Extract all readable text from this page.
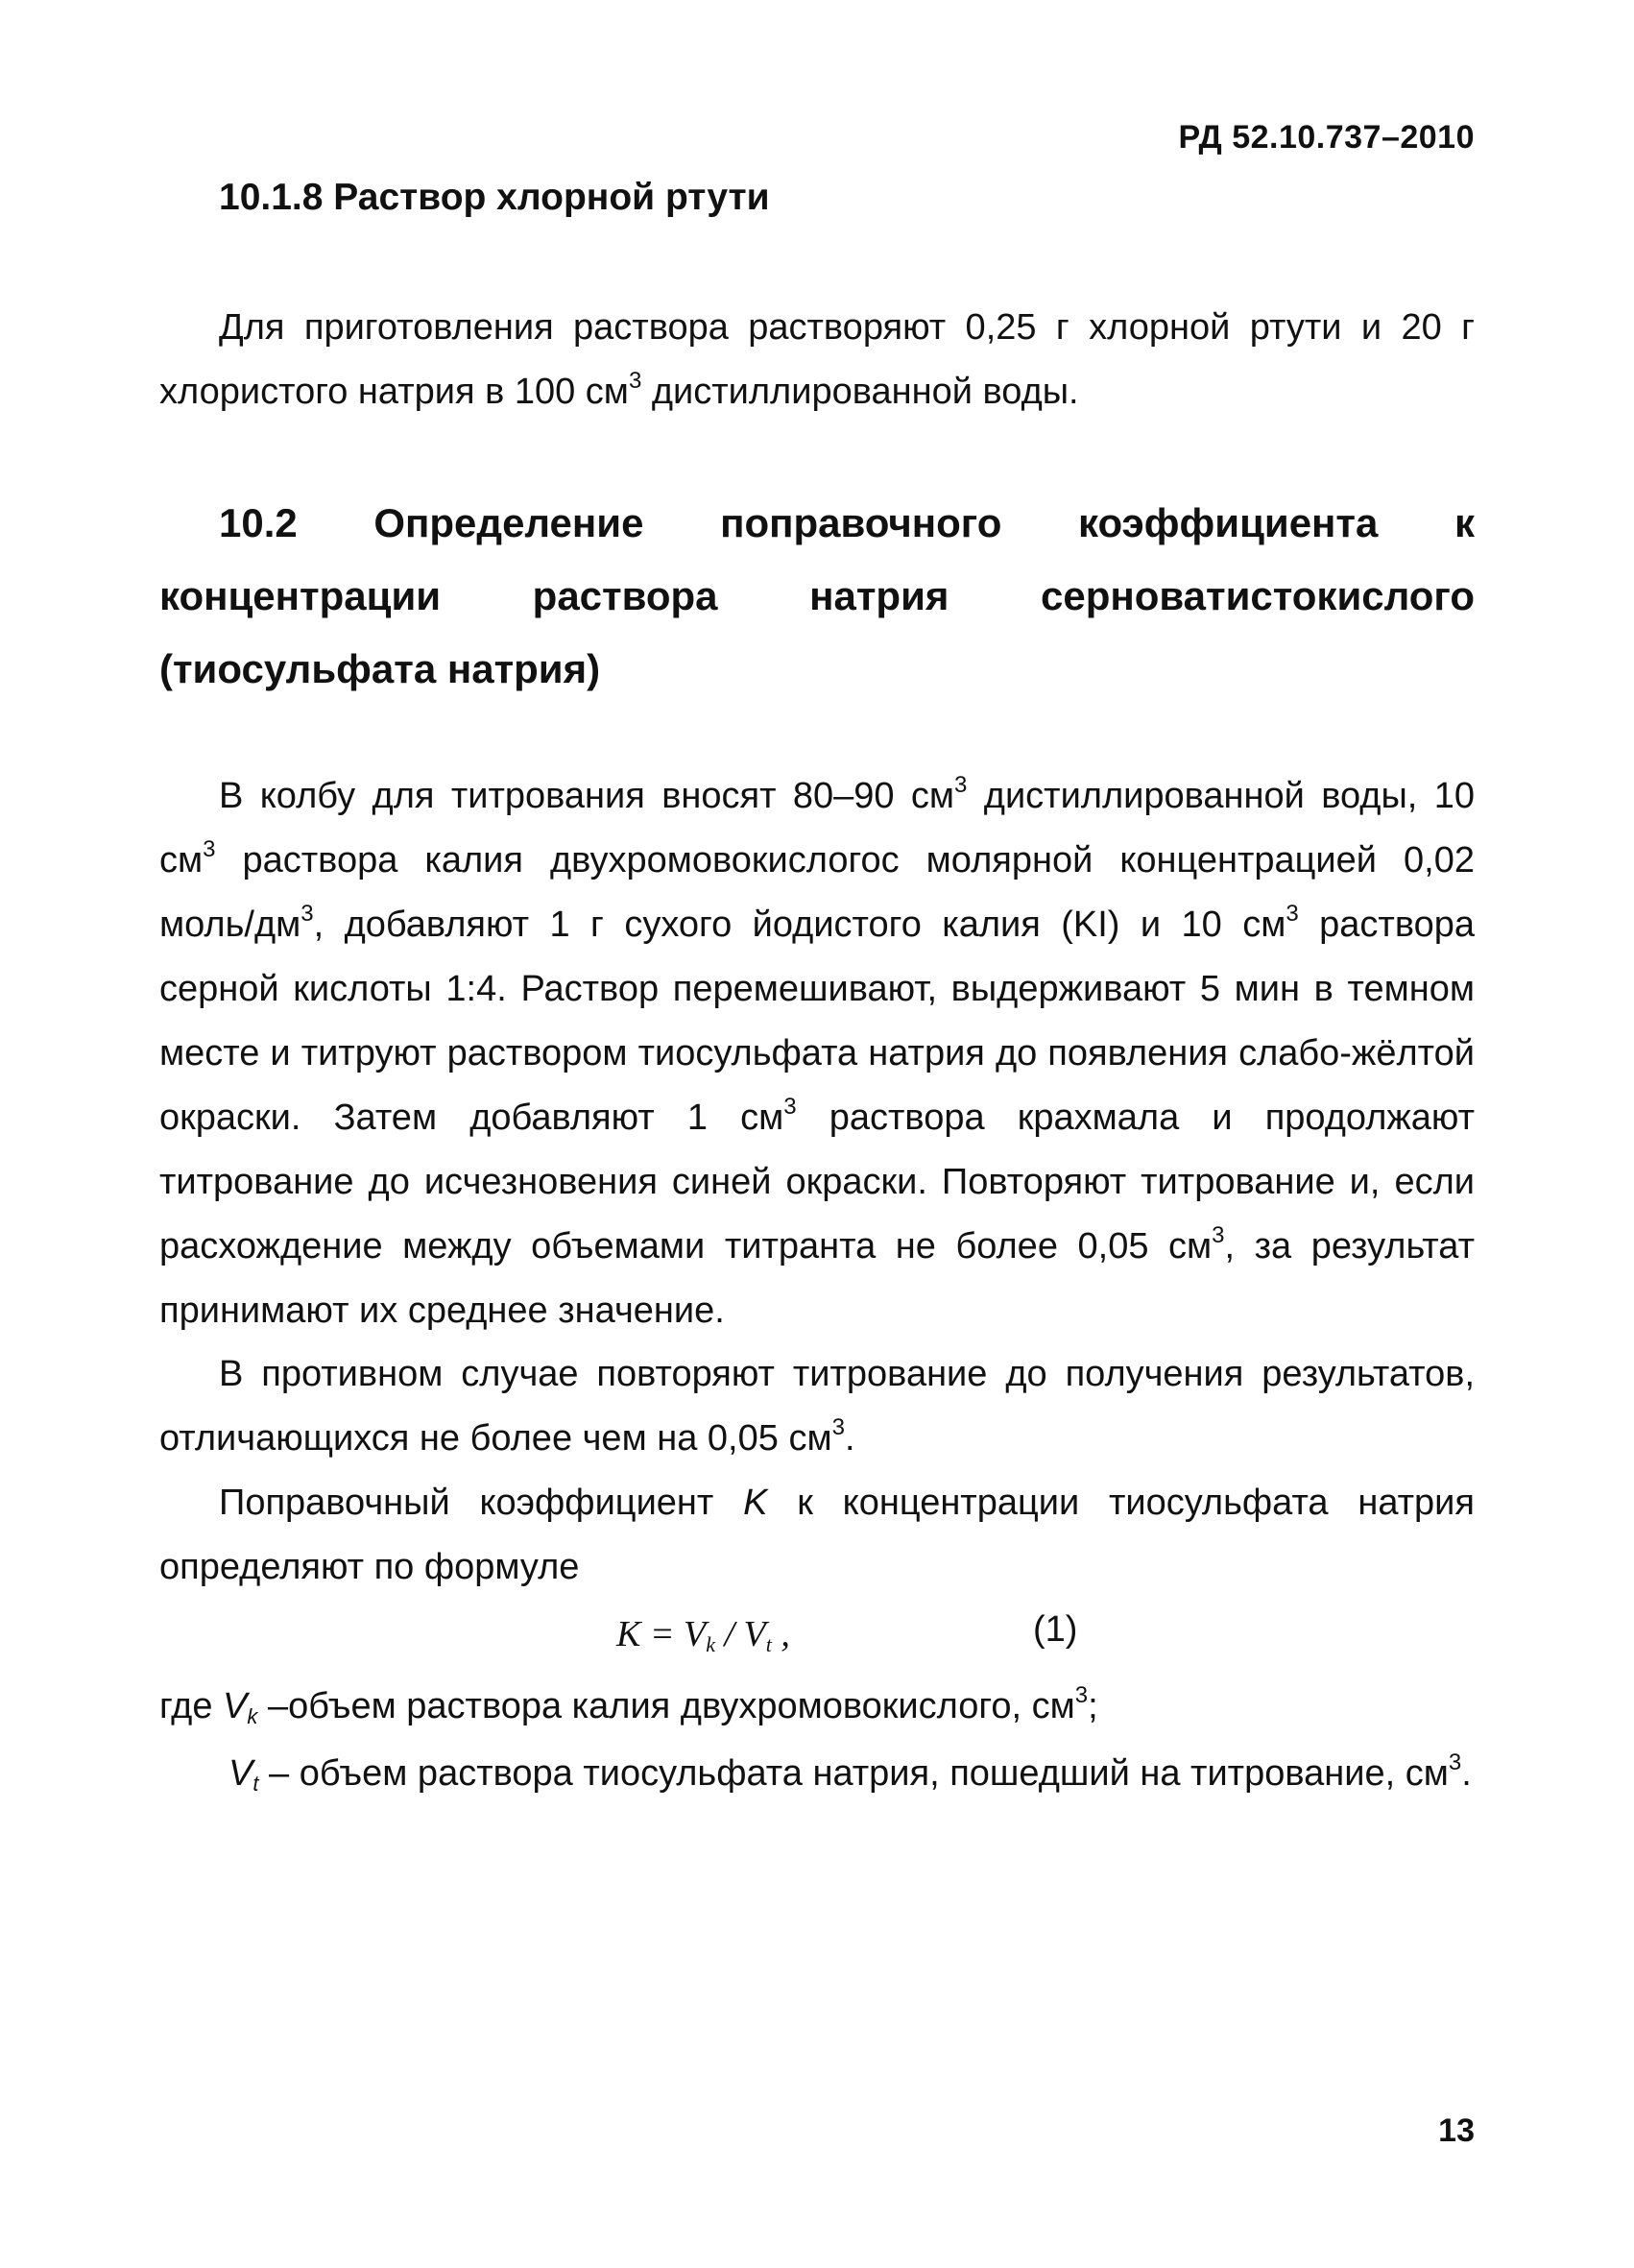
РД 52.10.737–2010
10.1.8 Раствор хлорной ртути
Для приготовления раствора растворяют 0,25 г хлорной ртути и 20 г хлористого натрия в 100 $см^3$ дистиллированной воды.
10.2 Определение поправочного коэффициента к
концентрации раствора натрия серноватистокислого
(тиосульфата натрия)
В колбу для титрования вносят 80–90 $см^3$ дистиллированной воды, 10 $см^3$ раствора калия двухромовокислогос молярной концентрацией 0,02 моль/$дм^3$, добавляют 1 г сухого йодистого калия (KI) и 10 $см^3$ раствора серной кислоты 1:4. Раствор перемешивают, выдерживают 5 мин в темном месте и титруют раствором тиосульфата натрия до появления слабо-жёлтой окраски. Затем добавляют 1 $см^3$ раствора крахмала и продолжают титрование до исчезновения синей окраски. Повторяют титрование и, если расхождение между объемами титранта не более 0,05 $см^3$, за результат принимают их среднее значение.
В противном случае повторяют титрование до получения результатов, отличающихся не более чем на 0,05 $см^3$.
Поправочный коэффициент K к концентрации тиосульфата натрия определяют по формуле
$K = V_k / V_t$ ,	(1)
где $V_k$ –объем раствора калия двухромовокислого, $см^3$;
$V_t$ – объем раствора тиосульфата натрия, пошедший на титрование, $см^3$.
13
